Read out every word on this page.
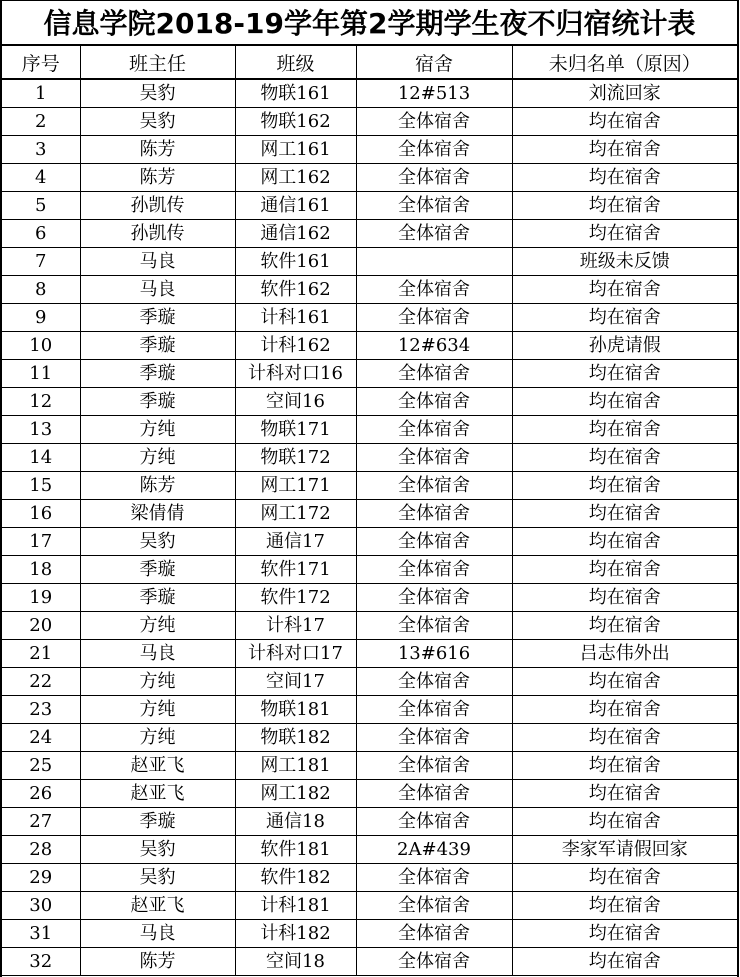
信息学院2018-19学年第2学期学生夜不归宿统计表
序号	班主任	班级	宿舍	未归名单（原因）
1	吴豹	物联161	12#513	刘流回家
2	吴豹	物联162	全体宿舍	均在宿舍
3	陈芳	网工161	全体宿舍	均在宿舍
4	陈芳	网工162	全体宿舍	均在宿舍
5	孙凯传	通信161	全体宿舍	均在宿舍
6	孙凯传	通信162	全体宿舍	均在宿舍
7	马良	软件161		班级未反馈
8	马良	软件162	全体宿舍	均在宿舍
9	季璇	计科161	全体宿舍	均在宿舍
10	季璇	计科162	12#634	孙虎请假
11	季璇	计科对口16	全体宿舍	均在宿舍
12	季璇	空间16	全体宿舍	均在宿舍
13	方纯	物联171	全体宿舍	均在宿舍
14	方纯	物联172	全体宿舍	均在宿舍
15	陈芳	网工171	全体宿舍	均在宿舍
16	梁倩倩	网工172	全体宿舍	均在宿舍
17	吴豹	通信17	全体宿舍	均在宿舍
18	季璇	软件171	全体宿舍	均在宿舍
19	季璇	软件172	全体宿舍	均在宿舍
20	方纯	计科17	全体宿舍	均在宿舍
21	马良	计科对口17	13#616	吕志伟外出
22	方纯	空间17	全体宿舍	均在宿舍
23	方纯	物联181	全体宿舍	均在宿舍
24	方纯	物联182	全体宿舍	均在宿舍
25	赵亚飞	网工181	全体宿舍	均在宿舍
26	赵亚飞	网工182	全体宿舍	均在宿舍
27	季璇	通信18	全体宿舍	均在宿舍
28	吴豹	软件181	2A#439	李家军请假回家
29	吴豹	软件182	全体宿舍	均在宿舍
30	赵亚飞	计科181	全体宿舍	均在宿舍
31	马良	计科182	全体宿舍	均在宿舍
32	陈芳	空间18	全体宿舍	均在宿舍
